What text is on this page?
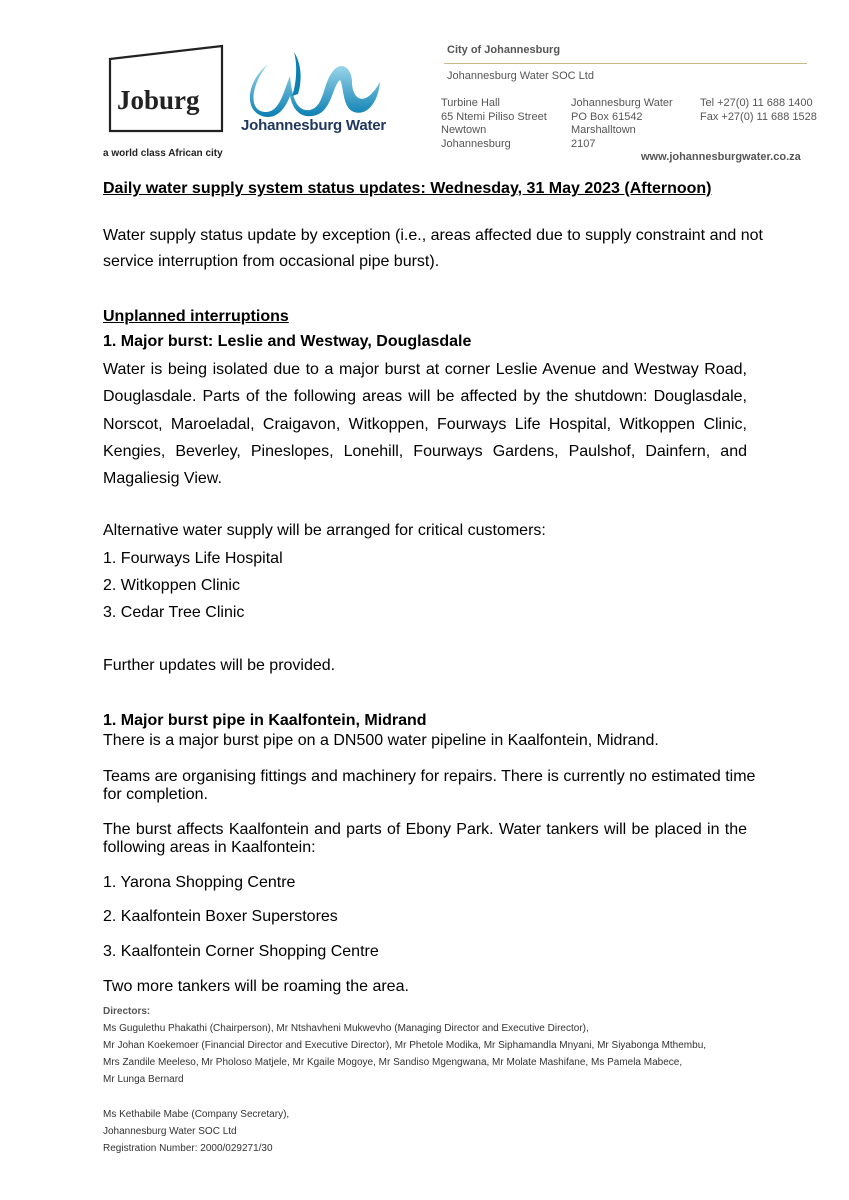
Joburg
a world class African city
Johannesburg Water
City of Johannesburg
Johannesburg Water SOC Ltd
Turbine Hall
65 Ntemi Piliso Street
Newtown
Johannesburg
Johannesburg Water
PO Box 61542
Marshalltown
2107
Tel +27(0) 11 688 1400
Fax +27(0) 11 688 1528
www.johannesburgwater.co.za
Daily water supply system status updates: Wednesday, 31 May 2023 (Afternoon)
Water supply status update by exception (i.e., areas affected due to supply constraint and not
service interruption from occasional pipe burst).
Unplanned interruptions
1. Major burst: Leslie and Westway, Douglasdale
Water is being isolated due to a major burst at corner Leslie Avenue and Westway Road,
Douglasdale. Parts of the following areas will be affected by the shutdown: Douglasdale,
Norscot, Maroeladal, Craigavon, Witkoppen, Fourways Life Hospital, Witkoppen Clinic,
Kengies, Beverley, Pineslopes, Lonehill, Fourways Gardens, Paulshof, Dainfern, and
Magaliesig View.
Alternative water supply will be arranged for critical customers:
1. Fourways Life Hospital
2. Witkoppen Clinic
3. Cedar Tree Clinic
Further updates will be provided.
1. Major burst pipe in Kaalfontein, Midrand
There is a major burst pipe on a DN500 water pipeline in Kaalfontein, Midrand.
Teams are organising fittings and machinery for repairs. There is currently no estimated time
for completion.
The burst affects Kaalfontein and parts of Ebony Park. Water tankers will be placed in the
following areas in Kaalfontein:
1. Yarona Shopping Centre
2. Kaalfontein Boxer Superstores
3. Kaalfontein Corner Shopping Centre
Two more tankers will be roaming the area.
Directors:
Ms Gugulethu Phakathi (Chairperson), Mr Ntshavheni Mukwevho (Managing Director and Executive Director),
Mr Johan Koekemoer (Financial Director and Executive Director), Mr Phetole Modika, Mr Siphamandla Mnyani, Mr Siyabonga Mthembu,
Mrs Zandile Meeleso, Mr Pholoso Matjele, Mr Kgaile Mogoye, Mr Sandiso Mgengwana, Mr Molate Mashifane, Ms Pamela Mabece,
Mr Lunga Bernard
Ms Kethabile Mabe (Company Secretary),
Johannesburg Water SOC Ltd
Registration Number: 2000/029271/30
